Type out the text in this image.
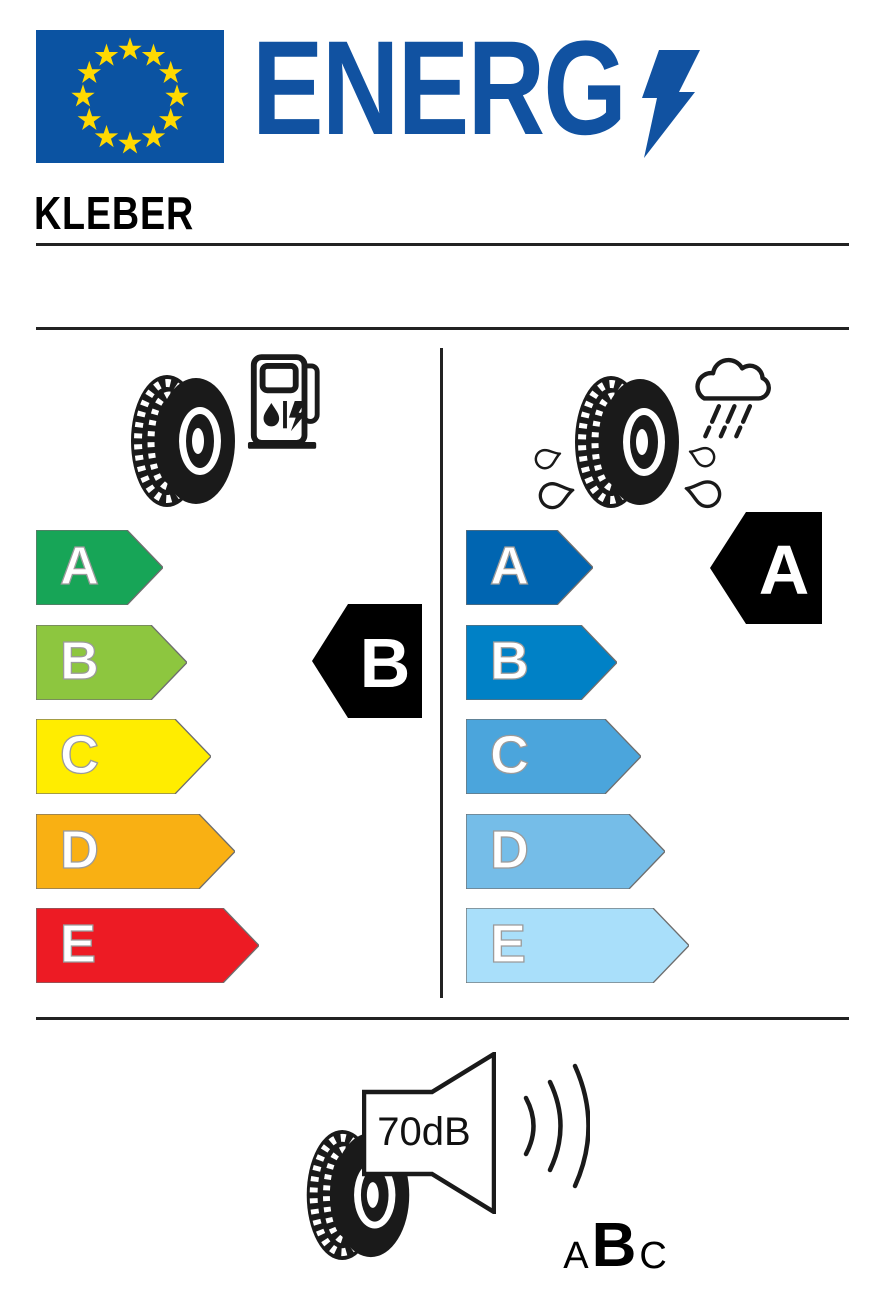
ENERG
KLEBER
A
B
C
D
E
B
A
B
C
D
E
A
70dB
A B C
